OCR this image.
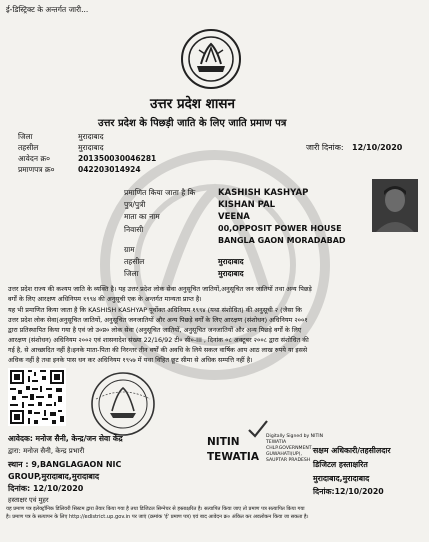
ई-डिस्ट्रिक्ट के अन्तर्गत जारी...
उत्तर प्रदेश शासन
उत्तर प्रदेश के पिछड़ी जाति के लिए जाति प्रमाण पत्र
जिला	मुरादाबाद
तहसील	मुरादाबाद
आवेदन क्र०	201350030046281
प्रमाणपत्र क्र०	042203014924
जारी दिनांक: 12/10/2020
प्रमाणित किया जाता है कि	KASHISH KASHYAP
पुत्र/पुत्री	KISHAN PAL
माता का नाम	VEENA
निवासी	00,OPPOSIT POWER HOUSE
BANGLA GAON MORADABAD
ग्राम
तहसील	मुरादाबाद
जिला	मुरादाबाद
उत्तर प्रदेश राज्य की कश्यप जाति के व्यक्ति है। यह उत्तर प्रदेश लोक सेवा अनुसूचित जातियों,अनुसूचित जन जातियों तथा अन्य पिछड़े
वर्गों के लिए आरक्षण अधिनियम १९९४ की अनुसूची एक के अन्तर्गत मान्यता प्राप्त है।
यह भी प्रमाणित किया जाता है कि KASHISH KASHYAP पूर्वोक्त अधिनियम १९९४ (यथा संशोधित) की अनुसूची २ (जैसा कि
उत्तर प्रदेश लोक सेवा(अनुसूचित जातियों, अनुसूचित जनजातियों और अन्य पिछड़े वर्गों के लिए आरक्षण (संशोधन) अधिनियम २००१
द्वारा प्रतिस्थापित किया गया है एवं जो उ०प्र० लोक सेवा (अनुसूचित जातियों, अनुसूचित जनजातियों और अन्य पिछड़े वर्गों के लिए
आरक्षण (संशोधन) अधिनियम २००२ एवं शासनादेश संख्या 22/16/92 टी० सी०-III , दिनांक ०८ अक्टूबर २००८ द्वारा संशोधित की
गई है, से आच्छादित नहीं है।इनके माता-पिता की निरन्तर तीन वर्षों की अवधि के लिये सकल वार्षिक आय आठ लाख रुपये या इससे
अधिक नहीं है तथा इनके पास धन कर अधिनियम १९५७ में यथा विहित छूट सीमा से अधिक सम्पत्ति नहीं है।
आवेदक: मनोज सैनी, केन्द्र/जन सेवा केंद्र
द्वारा: मनोज सैनी, केन्द्र प्रभारी
स्थान : 9,BANGLAGAON NIC
GROUP,मुरादाबाद,मुरादाबाद
दिनांक: 12/10/2020
हस्ताक्षर एवं मुहर
NITIN
TEWATIA
Digitally Signed by NITIN
TEWATIA
CHLP.GOVERNMENT,
GUWAHATI(UP),
SAUPTAR PRADESH
सक्षम अधिकारी/तहसीलदार
डिजिटल हस्ताक्षरित
मुरादाबाद,मुरादाबाद
दिनांक:12/10/2020
यह प्रमाण पत्र इलेक्ट्रॉनिक डिलिवरी सिस्टम द्वारा तैयार किया गया है तथा डिजिटल सिग्नेचर से हस्ताक्षरित है। सत्यापित किया जाए तो प्रमाण पत्र सत्यापित किया गया
है। प्रमाण पत्र के सत्यापन के लिए http://edistrict.up.gov.in पर जाएं (क्रमांक 'ई' प्रमाण पत्र) एवं बाद आवेदन क्र० अंकित कर अवलोकन किया जा सकता है।
